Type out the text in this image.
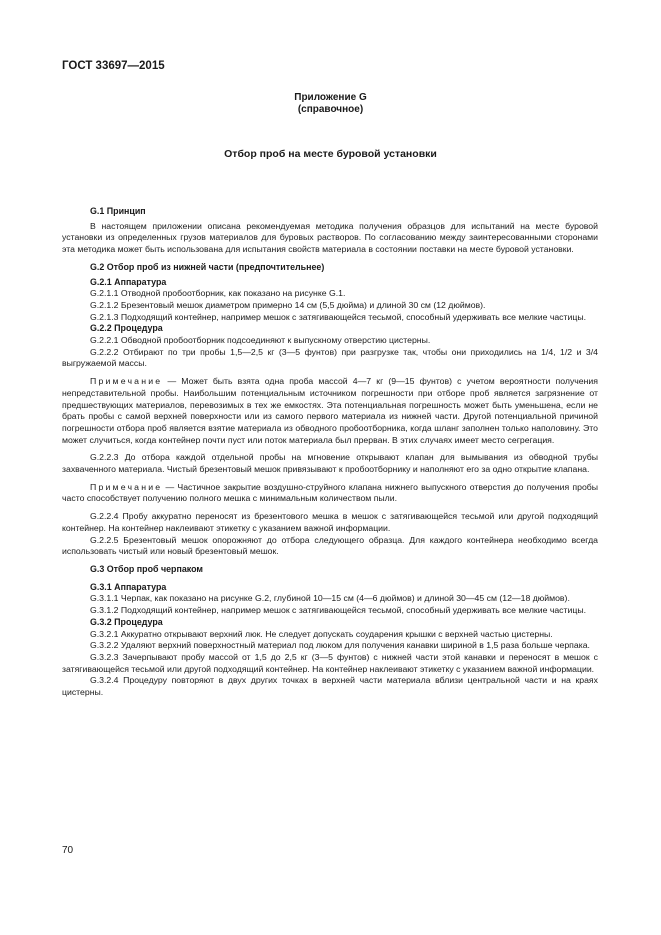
ГОСТ 33697—2015
Приложение G
(справочное)
Отбор проб на месте буровой установки
G.1 Принцип

В настоящем приложении описана рекомендуемая методика получения образцов для испытаний на месте буровой установки из определенных грузов материалов для буровых растворов. По согласованию между заинтересованными сторонами эта методика может быть использована для испытания свойств материала в состоянии поставки на месте буровой установки.

G.2 Отбор проб из нижней части (предпочтительнее)
G.2.1 Аппаратура

G.2.1.1 Отводной пробоотборник, как показано на рисунке G.1.

G.2.1.2 Брезентовый мешок диаметром примерно 14 см (5,5 дюйма) и длиной 30 см (12 дюймов).

G.2.1.3 Подходящий контейнер, например мешок с затягивающейся тесьмой, способный удерживать все мелкие частицы.

G.2.2 Процедура

G.2.2.1 Обводной пробоотборник подсоединяют к выпускному отверстию цистерны.

G.2.2.2 Отбирают по три пробы 1,5—2,5 кг (3—5 фунтов) при разгрузке так, чтобы они приходились на 1/4, 1/2 и 3/4 выгружаемой массы.

Примечание — Может быть взята одна проба массой 4—7 кг (9—15 фунтов) с учетом вероятности получения непредставительной пробы. Наибольшим потенциальным источником погрешности при отборе проб является загрязнение от предшествующих материалов, перевозимых в тех же емкостях. Эта потенциальная погрешность может быть уменьшена, если не брать пробы с самой верхней поверхности или из самого первого материала из нижней части. Другой потенциальной причиной погрешности отбора проб является взятие материала из обводного пробоотборника, когда шланг заполнен только наполовину. Это может случиться, когда контейнер почти пуст или поток материала был прерван. В этих случаях имеет место сегрегация.

G.2.2.3 До отбора каждой отдельной пробы на мгновение открывают клапан для вымывания из обводной трубы захваченного материала. Чистый брезентовый мешок привязывают к пробоотборнику и наполняют его за одно открытие клапана.

Примечание — Частичное закрытие воздушно-струйного клапана нижнего выпускного отверстия до получения пробы часто способствует получению полного мешка с минимальным количеством пыли.

G.2.2.4 Пробу аккуратно переносят из брезентового мешка в мешок с затягивающейся тесьмой или другой подходящий контейнер. На контейнер наклеивают этикетку с указанием важной информации.

G.2.2.5 Брезентовый мешок опорожняют до отбора следующего образца. Для каждого контейнера необходимо всегда использовать чистый или новый брезентовый мешок.

G.3 Отбор проб черпаком
G.3.1 Аппаратура

G.3.1.1 Черпак, как показано на рисунке G.2, глубиной 10—15 см (4—6 дюймов) и длиной 30—45 см (12—18 дюймов).

G.3.1.2 Подходящий контейнер, например мешок с затягивающейся тесьмой, способный удерживать все мелкие частицы.

G.3.2 Процедура

G.3.2.1 Аккуратно открывают верхний люк. Не следует допускать соударения крышки с верхней частью цистерны.

G.3.2.2 Удаляют верхний поверхностный материал под люком для получения канавки шириной в 1,5 раза больше черпака.

G.3.2.3 Зачерпывают пробу массой от 1,5 до 2,5 кг (3—5 фунтов) с нижней части этой канавки и переносят в мешок с затягивающейся тесьмой или другой подходящий контейнер. На контейнер наклеивают этикетку с указанием важной информации.

G.3.2.4 Процедуру повторяют в двух других точках в верхней части материала вблизи центральной части и на краях цистерны.

70
